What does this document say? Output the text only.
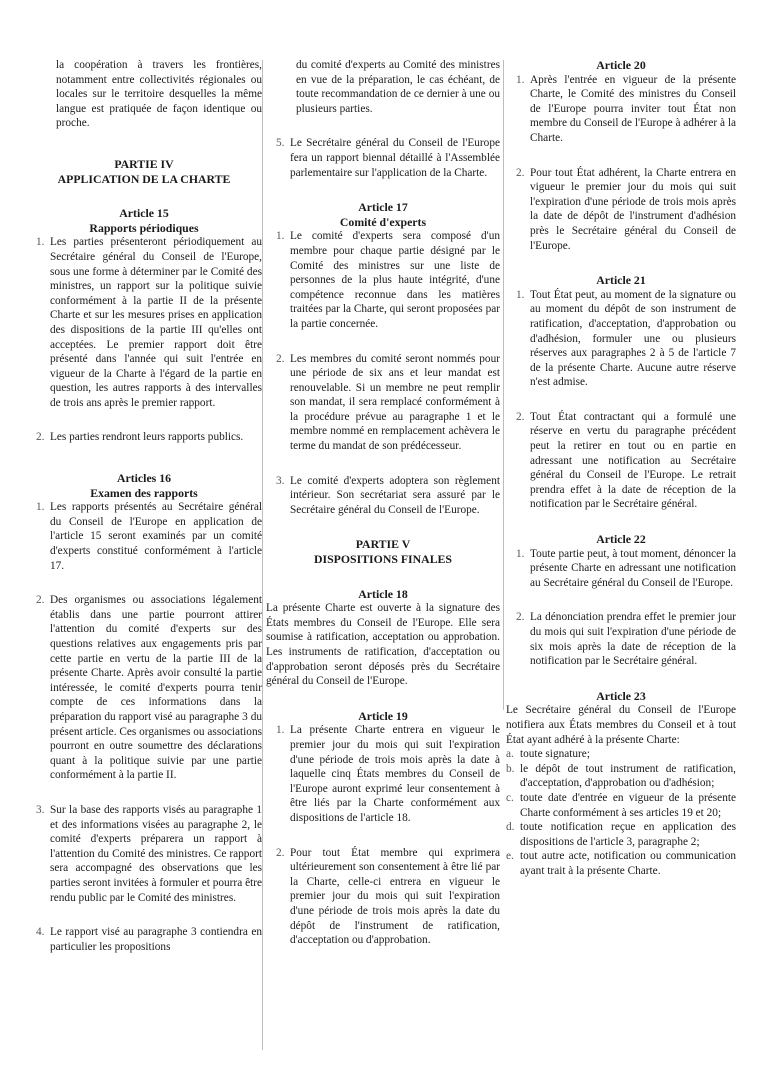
la coopération à travers les frontières, notamment entre collectivités régionales ou locales sur le territoire desquelles la même langue est pratiquée de façon identique ou proche.

PARTIE IV

APPLICATION DE LA CHARTE

Article 15

Rapports périodiques

1. Les parties présenteront périodiquement au Secrétaire général du Conseil de l'Europe, sous une forme à déterminer par le Comité des ministres, un rapport sur la politique suivie conformément à la partie II de la présente Charte et sur les mesures prises en application des dispositions de la partie III qu'elles ont acceptées. Le premier rapport doit être présenté dans l'année qui suit l'entrée en vigueur de la Charte à l'égard de la partie en question, les autres rapports à des intervalles de trois ans après le premier rapport.
2. Les parties rendront leurs rapports publics.

Articles 16

Examen des rapports

1. Les rapports présentés au Secrétaire général du Conseil de l'Europe en application de l'article 15 seront examinés par un comité d'experts constitué conformément à l'article 17.
2. Des organismes ou associations légalement établis dans une partie pourront attirer l'attention du comité d'experts sur des questions relatives aux engagements pris par cette partie en vertu de la partie III de la présente Charte. Après avoir consulté la partie intéressée, le comité d'experts pourra tenir compte de ces informations dans la préparation du rapport visé au paragraphe 3 du présent article. Ces organismes ou associations pourront en outre soumettre des déclarations quant à la politique suivie par une partie conformément à la partie II.
3. Sur la base des rapports visés au paragraphe 1 et des informations visées au paragraphe 2, le comité d'experts préparera un rapport à l'attention du Comité des ministres. Ce rapport sera accompagné des observations que les parties seront invitées à formuler et pourra être rendu public par le Comité des ministres.
4. Le rapport visé au paragraphe 3 contiendra en particulier les propositions

du comité d'experts au Comité des ministres en vue de la préparation, le cas échéant, de toute recommandation de ce dernier à une ou plusieurs parties.

5. Le Secrétaire général du Conseil de l'Europe fera un rapport biennal détaillé à l'Assemblée parlementaire sur l'application de la Charte.

Article 17

Comité d'experts

1. Le comité d'experts sera composé d'un membre pour chaque partie désigné par le Comité des ministres sur une liste de personnes de la plus haute intégrité, d'une compétence reconnue dans les matières traitées par la Charte, qui seront proposées par la partie concernée.
2. Les membres du comité seront nommés pour une période de six ans et leur mandat est renouvelable. Si un membre ne peut remplir son mandat, il sera remplacé conformément à la procédure prévue au paragraphe 1 et le membre nommé en remplacement achèvera le terme du mandat de son prédécesseur.
3. Le comité d'experts adoptera son règlement intérieur. Son secrétariat sera assuré par le Secrétaire général du Conseil de l'Europe.

PARTIE V

DISPOSITIONS FINALES

Article 18

La présente Charte est ouverte à la signature des États membres du Conseil de l'Europe. Elle sera soumise à ratification, acceptation ou approbation. Les instruments de ratification, d'acceptation ou d'approbation seront déposés près du Secrétaire général du Conseil de l'Europe.

Article 19

1. La présente Charte entrera en vigueur le premier jour du mois qui suit l'expiration d'une période de trois mois après la date à laquelle cinq États membres du Conseil de l'Europe auront exprimé leur consentement à être liés par la Charte conformément aux dispositions de l'article 18.
2. Pour tout État membre qui exprimera ultérieurement son consentement à être lié par la Charte, celle-ci entrera en vigueur le premier jour du mois qui suit l'expiration d'une période de trois mois après la date du dépôt de l'instrument de ratification, d'acceptation ou d'approbation.

Article 20

1. Après l'entrée en vigueur de la présente Charte, le Comité des ministres du Conseil de l'Europe pourra inviter tout État non membre du Conseil de l'Europe à adhérer à la Charte.
2. Pour tout État adhérent, la Charte entrera en vigueur le premier jour du mois qui suit l'expiration d'une période de trois mois après la date de dépôt de l'instrument d'adhésion près le Secrétaire général du Conseil de l'Europe.

Article 21

1. Tout État peut, au moment de la signature ou au moment du dépôt de son instrument de ratification, d'acceptation, d'approbation ou d'adhésion, formuler une ou plusieurs réserves aux paragraphes 2 à 5 de l'article 7 de la présente Charte. Aucune autre réserve n'est admise.
2. Tout État contractant qui a formulé une réserve en vertu du paragraphe précédent peut la retirer en tout ou en partie en adressant une notification au Secrétaire général du Conseil de l'Europe. Le retrait prendra effet à la date de réception de la notification par le Secrétaire général.

Article 22

1. Toute partie peut, à tout moment, dénoncer la présente Charte en adressant une notification au Secrétaire général du Conseil de l'Europe.
2. La dénonciation prendra effet le premier jour du mois qui suit l'expiration d'une période de six mois après la date de réception de la notification par le Secrétaire général.

Article 23

Le Secrétaire général du Conseil de l'Europe notifiera aux États membres du Conseil et à tout État ayant adhéré à la présente Charte:

a. toute signature;
b. le dépôt de tout instrument de ratification, d'acceptation, d'approbation ou d'adhésion;
c. toute date d'entrée en vigueur de la présente Charte conformément à ses articles 19 et 20;
d. toute notification reçue en application des dispositions de l'article 3, paragraphe 2;
e. tout autre acte, notification ou communication ayant trait à la présente Charte.
